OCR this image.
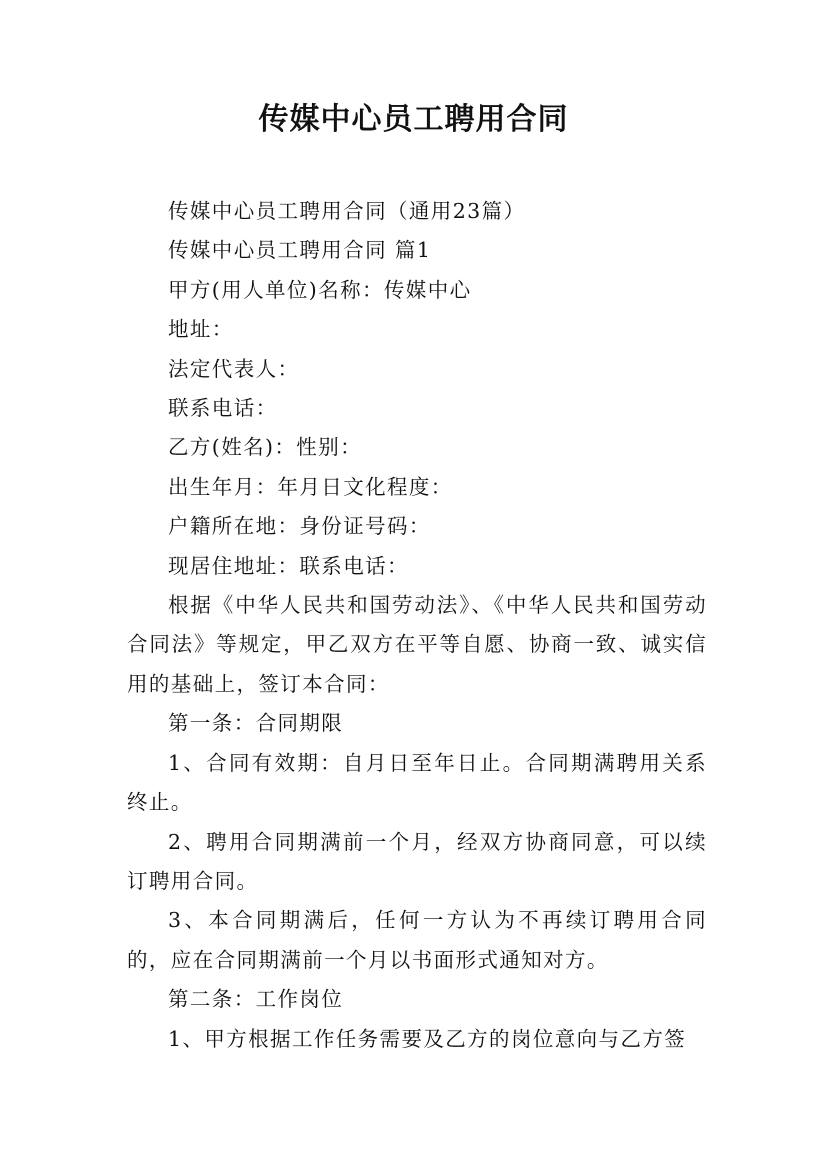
传媒中心员工聘用合同

传媒中心员工聘用合同（通用23篇）

传媒中心员工聘用合同 篇1

甲方(用人单位)名称：传媒中心

地址：

法定代表人：

联系电话：

乙方(姓名)：性别：

出生年月：年月日文化程度：

户籍所在地：身份证号码：

现居住地址：联系电话：

根据《中华人民共和国劳动法》、《中华人民共和国劳动合同法》等规定，甲乙双方在平等自愿、协商一致、诚实信用的基础上，签订本合同：

第一条：合同期限

1、合同有效期：自月日至年日止。合同期满聘用关系终止。

2、聘用合同期满前一个月，经双方协商同意，可以续订聘用合同。

3、本合同期满后，任何一方认为不再续订聘用合同的，应在合同期满前一个月以书面形式通知对方。

第二条：工作岗位

1、甲方根据工作任务需要及乙方的岗位意向与乙方签
